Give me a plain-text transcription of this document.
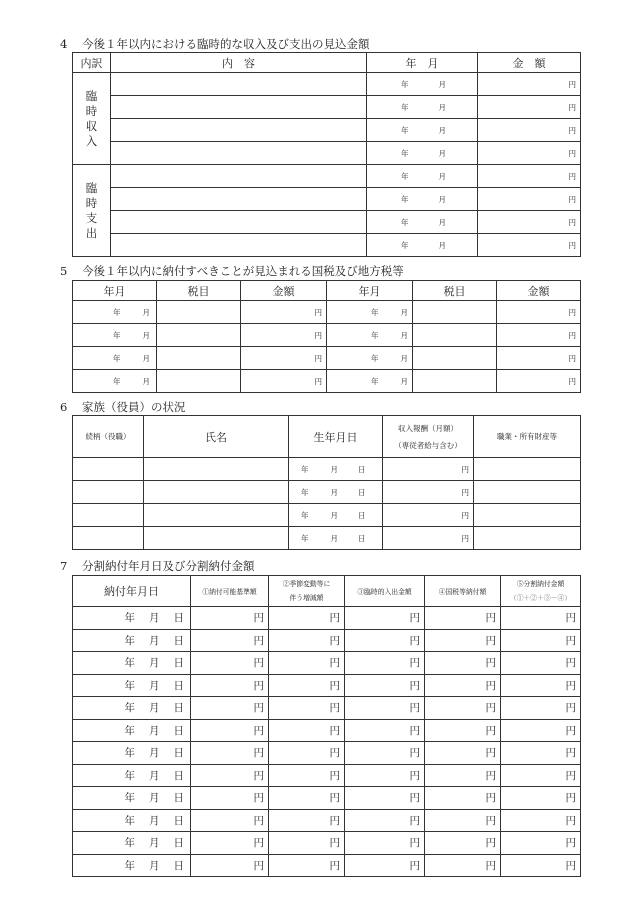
4 今後１年以内における臨時的な収入及び支出の見込金額
内訳	内　容	年　月	金　額

臨
時
収
入		年 月	円
		年 月	円
		年 月	円
		年 月	円

臨
時
支
出		年 月	円
		年 月	円
		年 月	円
		年 月	円
5 今後１年以内に納付すべきことが見込まれる国税及び地方税等
年月	税目	金額	年月	税目	金額
年 月		円	年 月		円
年 月		円	年 月		円
年 月		円	年 月		円
年 月		円	年 月		円
6 家族（役員）の状況
続柄（役職）	氏名	生年月日	収入報酬（月額）
（専従者給与含む）	職業・所有財産等
		年 月 日	円	
		年 月 日	円	
		年 月 日	円	
		年 月 日	円	
7 分割納付年月日及び分割納付金額
納付年月日	①納付可能基準額	②季節変動等に
伴う増減額	③臨時的入出金額	④国税等納付額	⑤分割納付金額
（①＋②＋③－④）
年 月 日	円	円	円	円	円
年 月 日	円	円	円	円	円
年 月 日	円	円	円	円	円
年 月 日	円	円	円	円	円
年 月 日	円	円	円	円	円
年 月 日	円	円	円	円	円
年 月 日	円	円	円	円	円
年 月 日	円	円	円	円	円
年 月 日	円	円	円	円	円
年 月 日	円	円	円	円	円
年 月 日	円	円	円	円	円
年 月 日	円	円	円	円	円
